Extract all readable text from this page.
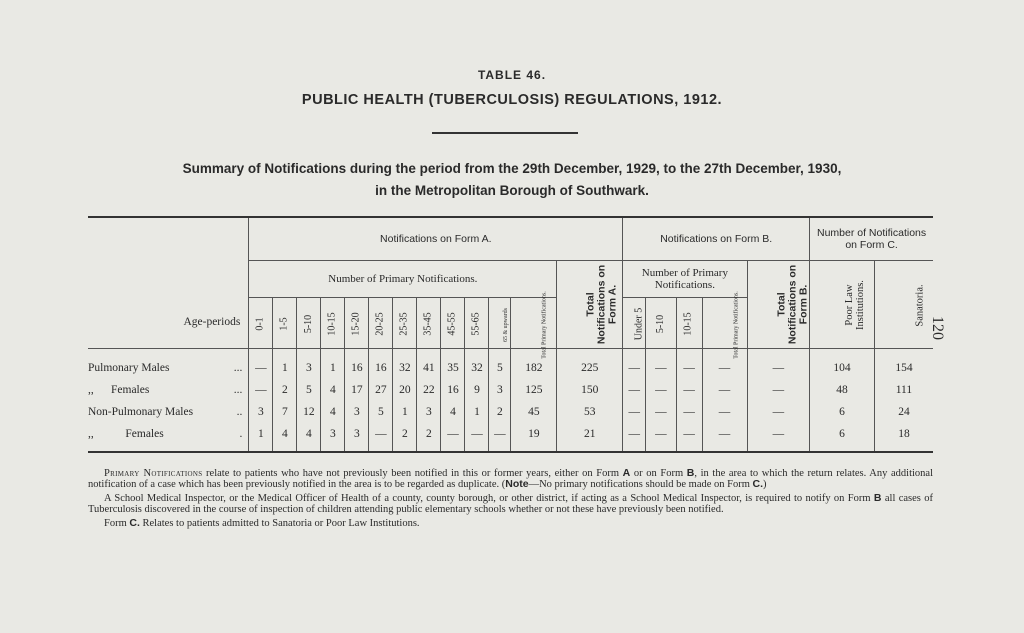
TABLE 46.
PUBLIC HEALTH (TUBERCULOSIS) REGULATIONS, 1912.
Summary of Notifications during the period from the 29th December, 1929, to the 27th December, 1930,
in the Metropolitan Borough of Southwark.
120
Age-periods	Notifications on Form A.													Notifications on Form B.					Number of Notifications on Form C.	
	Number of Primary Notifications.												Total Notifications on Form A.	Number of Primary Notifications.				Total Notifications on Form B.	Poor Law Institutions.	Sanatoria.
	0-1	1-5	5-10	10-15	15-20	20-25	25-35	35-45	45-55	55-65	65 & upwards	Total Primary Notifications.		Under 5	5-10	10-15	Total Primary Notifications.			
Pulmonary Males ...	—	1	3	1	16	16	32	41	35	32	5	182	225	—	—	—	—	—	104	154
,,      Females ...	—	2	5	4	17	27	20	22	16	9	3	125	150	—	—	—	—	—	48	111
Non-Pulmonary Males ..	3	7	12	4	3	5	1	3	4	1	2	45	53	—	—	—	—	—	6	24
,,           Females .	1	4	4	3	3	—	2	2	—	—	—	19	21	—	—	—	—	—	6	18

Primary Notifications relate to patients who have not previously been notified in this or former years, either on Form A or on Form B, in the area to which the return relates. Any additional notification of a case which has been previously notified in the area is to be regarded as duplicate. (Note—No primary notifications should be made on Form C.)

A School Medical Inspector, or the Medical Officer of Health of a county, county borough, or other district, if acting as a School Medical Inspector, is required to notify on Form B all cases of Tuberculosis discovered in the course of inspection of children attending public elementary schools whether or not these have previously been notified.

Form C. Relates to patients admitted to Sanatoria or Poor Law Institutions.
